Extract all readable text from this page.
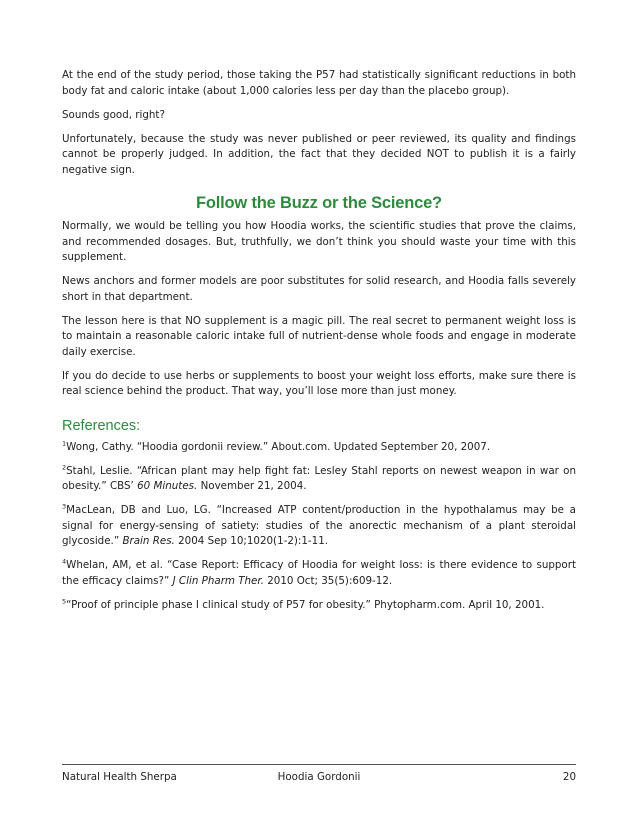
At the end of the study period, those taking the P57 had statistically significant reductions in both body fat and caloric intake (about 1,000 calories less per day than the placebo group).

Sounds good, right?

Unfortunately, because the study was never published or peer reviewed, its quality and findings cannot be properly judged. In addition, the fact that they decided NOT to publish it is a fairly negative sign.

Follow the Buzz or the Science?

Normally, we would be telling you how Hoodia works, the scientific studies that prove the claims, and recommended dosages. But, truthfully, we don’t think you should waste your time with this supplement.

News anchors and former models are poor substitutes for solid research, and Hoodia falls severely short in that department.

The lesson here is that NO supplement is a magic pill. The real secret to permanent weight loss is to maintain a reasonable caloric intake full of nutrient-dense whole foods and engage in moderate daily exercise.

If you do decide to use herbs or supplements to boost your weight loss efforts, make sure there is real science behind the product. That way, you’ll lose more than just money.

References:

$^1$Wong, Cathy. “Hoodia gordonii review.” About.com. Updated September 20, 2007.

$^2$Stahl, Leslie. “African plant may help fight fat: Lesley Stahl reports on newest weapon in war on obesity.” CBS’ 60 Minutes. November 21, 2004.

$^3$MacLean, DB and Luo, LG. “Increased ATP content/production in the hypothalamus may be a signal for energy-sensing of satiety: studies of the anorectic mechanism of a plant steroidal glycoside.” Brain Res. 2004 Sep 10;1020(1-2):1-11.

$^4$Whelan, AM, et al. “Case Report: Efficacy of Hoodia for weight loss: is there evidence to support the efficacy claims?” J Clin Pharm Ther. 2010 Oct; 35(5):609-12.

$^5$“Proof of principle phase I clinical study of P57 for obesity.” Phytopharm.com. April 10, 2001.

Natural Health Sherpa	Hoodia Gordonii	20
